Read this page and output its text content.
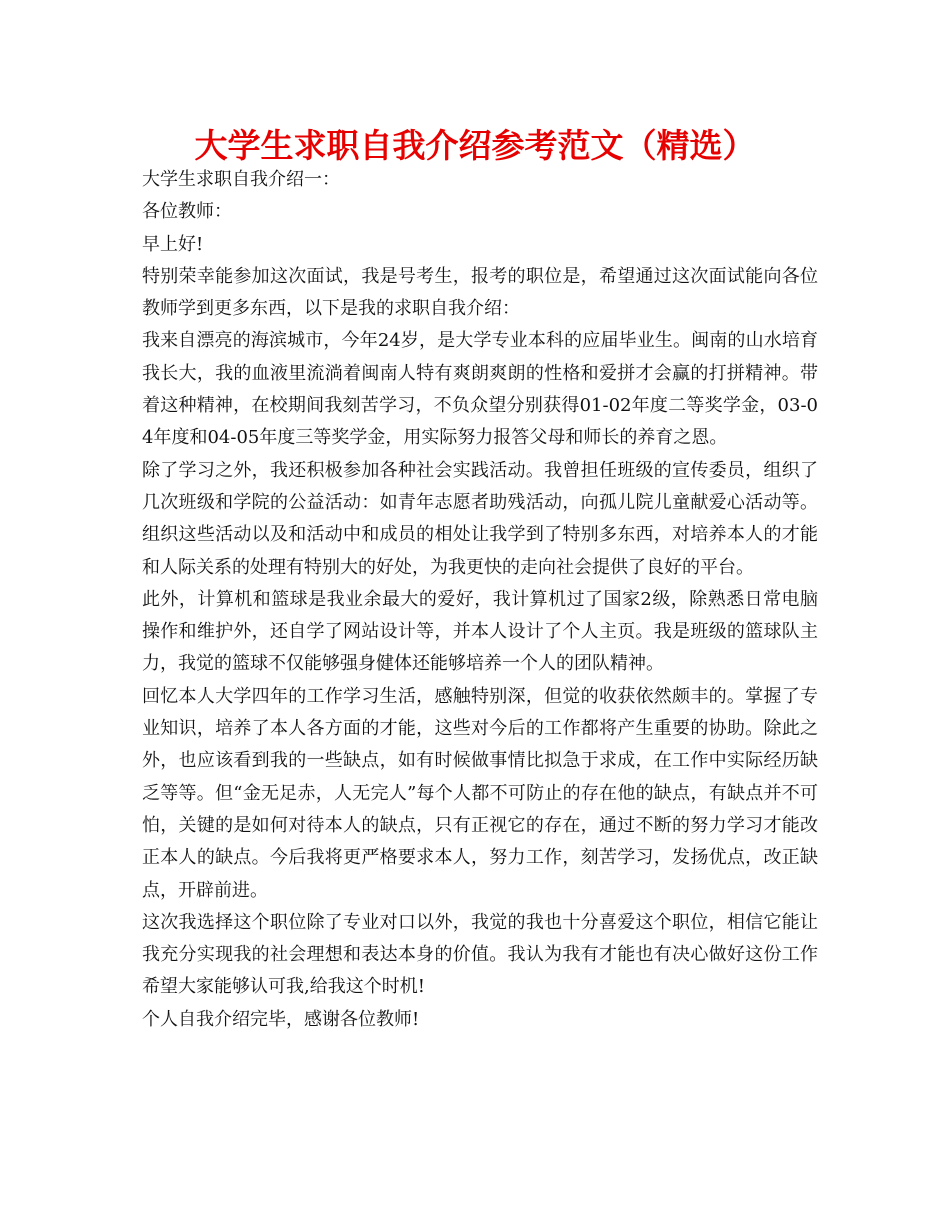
大学生求职自我介绍参考范文（精选）

大学生求职自我介绍一：

各位教师：

早上好!

特别荣幸能参加这次面试，我是号考生，报考的职位是，希望通过这次面试能向各位教师学到更多东西，以下是我的求职自我介绍：

我来自漂亮的海滨城市，今年24岁，是大学专业本科的应届毕业生。闽南的山水培育我长大，我的血液里流淌着闽南人特有爽朗爽朗的性格和爱拼才会赢的打拼精神。带着这种精神，在校期间我刻苦学习，不负众望分别获得01-02年度二等奖学金，03-04年度和04-05年度三等奖学金，用实际努力报答父母和师长的养育之恩。

除了学习之外，我还积极参加各种社会实践活动。我曾担任班级的宣传委员，组织了几次班级和学院的公益活动：如青年志愿者助残活动，向孤儿院儿童献爱心活动等。组织这些活动以及和活动中和成员的相处让我学到了特别多东西，对培养本人的才能和人际关系的处理有特别大的好处，为我更快的走向社会提供了良好的平台。

此外，计算机和篮球是我业余最大的爱好，我计算机过了国家2级，除熟悉日常电脑操作和维护外，还自学了网站设计等，并本人设计了个人主页。我是班级的篮球队主力，我觉的篮球不仅能够强身健体还能够培养一个人的团队精神。

回忆本人大学四年的工作学习生活，感触特别深，但觉的收获依然颇丰的。掌握了专业知识，培养了本人各方面的才能，这些对今后的工作都将产生重要的协助。除此之外，也应该看到我的一些缺点，如有时候做事情比拟急于求成，在工作中实际经历缺乏等等。但“金无足赤，人无完人”每个人都不可防止的存在他的缺点，有缺点并不可怕，关键的是如何对待本人的缺点，只有正视它的存在，通过不断的努力学习才能改正本人的缺点。今后我将更严格要求本人，努力工作，刻苦学习，发扬优点，改正缺点，开辟前进。

这次我选择这个职位除了专业对口以外，我觉的我也十分喜爱这个职位，相信它能让我充分实现我的社会理想和表达本身的价值。我认为我有才能也有决心做好这份工作希望大家能够认可我,给我这个时机!

个人自我介绍完毕，感谢各位教师!
